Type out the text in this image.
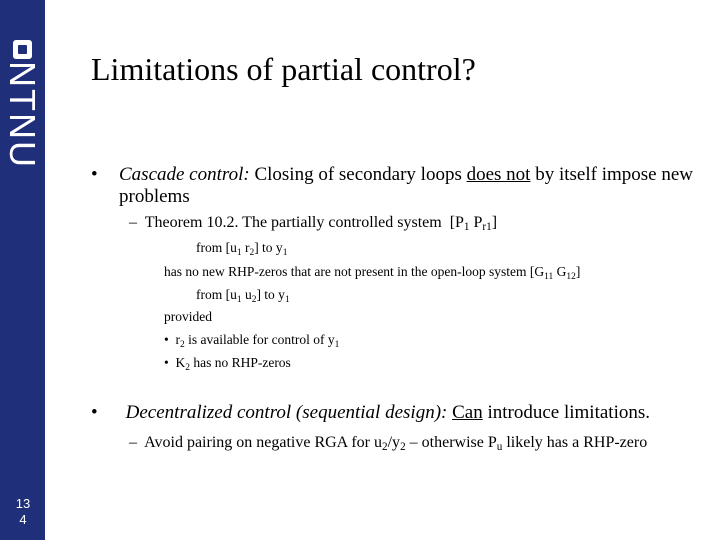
NTNU
13
4
Limitations of partial control?
• Cascade control: Closing of secondary loops does not by itself impose new problems
– Theorem 10.2. The partially controlled system  [$P_1$ $P_{r1}$]
from [$u_1$ $r_2$] to $y_1$
has no new RHP-zeros that are not present in the open-loop system [$G_{11}$ $G_{12}$]
from [$u_1$ $u_2$] to $y_1$
provided
•  $r_2$ is available for control of $y_1$
•  $K_2$ has no RHP-zeros
• Decentralized control (sequential design): Can introduce limitations.
– Avoid pairing on negative RGA for $u_2/y_2$ – otherwise $P_u$ likely has a RHP-zero
